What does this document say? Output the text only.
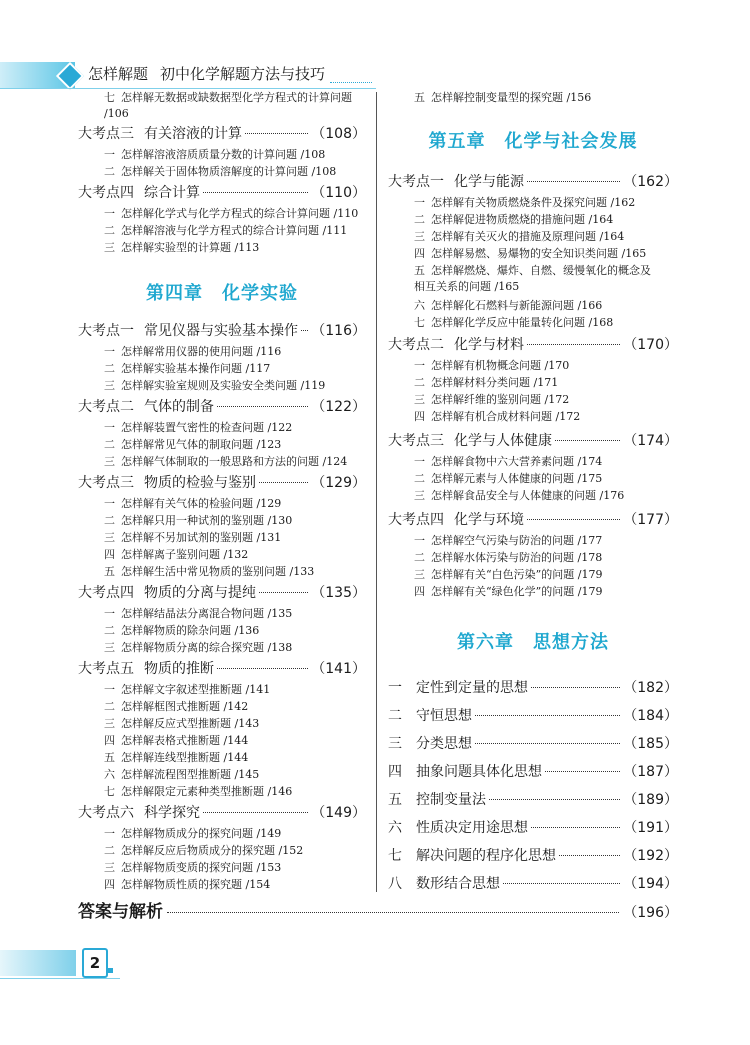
怎样解题 初中化学解题方法与技巧
七 怎样解无数据或缺数据型化学方程式的计算问题 /106
大考点三 有关溶液的计算	（108）
一 怎样解溶液溶质质量分数的计算问题 /108
二 怎样解关于固体物质溶解度的计算问题 /108
大考点四 综合计算	（110）
一 怎样解化学式与化学方程式的综合计算问题 /110
二 怎样解溶液与化学方程式的综合计算问题 /111
三 怎样解实验型的计算题 /113
第四章　化学实验
大考点一 常见仪器与实验基本操作 （116）
一 怎样解常用仪器的使用问题 /116
二 怎样解实验基本操作问题 /117
三 怎样解实验室规则及实验安全类问题 /119
大考点二 气体的制备	（122）
一 怎样解装置气密性的检查问题 /122
二 怎样解常见气体的制取问题 /123
三 怎样解气体制取的一般思路和方法的问题 /124
大考点三 物质的检验与鉴别	（129）
一 怎样解有关气体的检验问题 /129
二 怎样解只用一种试剂的鉴别题 /130
三 怎样解不另加试剂的鉴别题 /131
四 怎样解离子鉴别问题 /132
五 怎样解生活中常见物质的鉴别问题 /133
大考点四 物质的分离与提纯	（135）
一 怎样解结晶法分离混合物问题 /135
二 怎样解物质的除杂问题 /136
三 怎样解物质分离的综合探究题 /138
大考点五 物质的推断	（141）
一 怎样解文字叙述型推断题 /141
二 怎样解框图式推断题 /142
三 怎样解反应式型推断题 /143
四 怎样解表格式推断题 /144
五 怎样解连线型推断题 /144
六 怎样解流程图型推断题 /145
七 怎样解限定元素种类型推断题 /146
大考点六 科学探究	（149）
一 怎样解物质成分的探究问题 /149
二 怎样解反应后物质成分的探究题 /152
三 怎样解物质变质的探究问题 /153
四 怎样解物质性质的探究题 /154
五 怎样解控制变量型的探究题 /156
第五章　化学与社会发展
大考点一 化学与能源	（162）
一 怎样解有关物质燃烧条件及探究问题 /162
二 怎样解促进物质燃烧的措施问题 /164
三 怎样解有关灭火的措施及原理问题 /164
四 怎样解易燃、易爆物的安全知识类问题 /165
五 怎样解燃烧、爆炸、自燃、缓慢氧化的概念及相互关系的问题 /165
六 怎样解化石燃料与新能源问题 /166
七 怎样解化学反应中能量转化问题 /168
大考点二 化学与材料	（170）
一 怎样解有机物概念问题 /170
二 怎样解材料分类问题 /171
三 怎样解纤维的鉴别问题 /172
四 怎样解有机合成材料问题 /172
大考点三 化学与人体健康	（174）
一 怎样解食物中六大营养素问题 /174
二 怎样解元素与人体健康的问题 /175
三 怎样解食品安全与人体健康的问题 /176
大考点四 化学与环境	（177）
一 怎样解空气污染与防治的问题 /177
二 怎样解水体污染与防治的问题 /178
三 怎样解有关“白色污染”的问题 /179
四 怎样解有关“绿色化学”的问题 /179
第六章　思想方法
一	定性到定量的思想	（182）
二	守恒思想	（184）
三	分类思想	（185）
四	抽象问题具体化思想	（187）
五	控制变量法	（189）
六	性质决定用途思想	（191）
七	解决问题的程序化思想	（192）
八	数形结合思想	（194）
答案与解析	（196）
2
